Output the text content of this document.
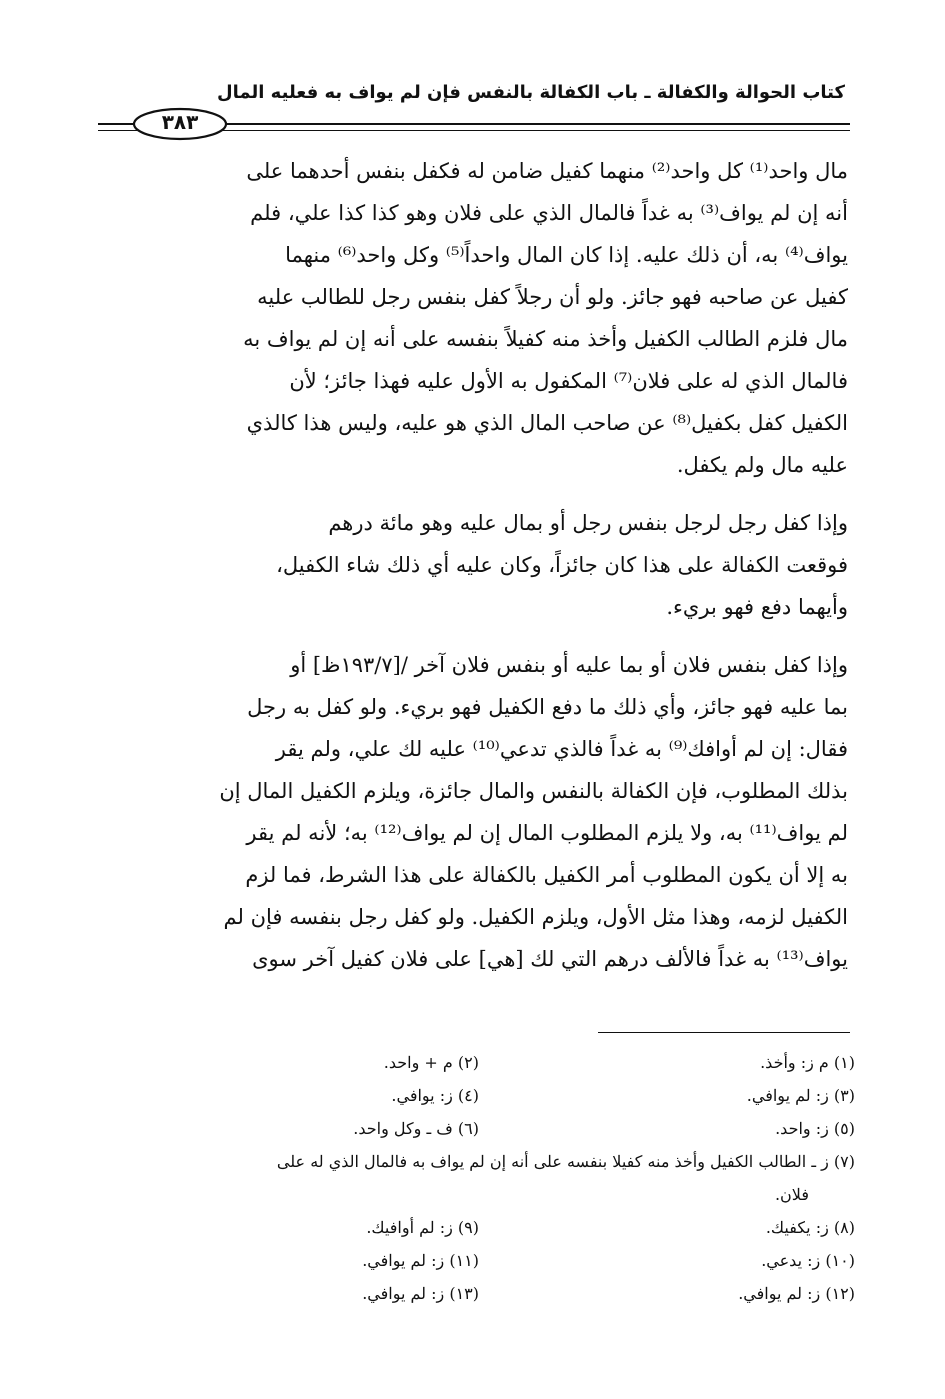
كتاب الحوالة والكفالة ـ باب الكفالة بالنفس فإن لم يواف به فعليه المال
٣٨٣
مال واحد⁽¹⁾ كل واحد⁽²⁾ منهما كفيل ضامن له فكفل بنفس أحدهما على
أنه إن لم يواف⁽³⁾ به غداً فالمال الذي على فلان وهو كذا كذا علي، فلم
يواف⁽⁴⁾ به، أن ذلك عليه. إذا كان المال واحداً⁽⁵⁾ وكل واحد⁽⁶⁾ منهما
كفيل عن صاحبه فهو جائز. ولو أن رجلاً كفل بنفس رجل للطالب عليه
مال فلزم الطالب الكفيل وأخذ منه كفيلاً بنفسه على أنه إن لم يواف به
فالمال الذي له على فلان⁽⁷⁾ المكفول به الأول عليه فهذا جائز؛ لأن
الكفيل كفل بكفيل⁽⁸⁾ عن صاحب المال الذي هو عليه، وليس هذا كالذي
عليه مال ولم يكفل.
وإذا كفل رجل لرجل بنفس رجل أو بمال عليه وهو مائة درهم
فوقعت الكفالة على هذا كان جائزاً، وكان عليه أي ذلك شاء الكفيل،
وأيهما دفع فهو بريء.
وإذا كفل بنفس فلان أو بما عليه أو بنفس فلان آخر /[١٩٣/٧ظ] أو
بما عليه فهو جائز، وأي ذلك ما دفع الكفيل فهو بريء. ولو كفل به رجل
فقال: إن لم أوافك⁽⁹⁾ به غداً فالذي تدعي⁽¹⁰⁾ عليه لك علي، ولم يقر
بذلك المطلوب، فإن الكفالة بالنفس والمال جائزة، ويلزم الكفيل المال إن
لم يواف⁽¹¹⁾ به، ولا يلزم المطلوب المال إن لم يواف⁽¹²⁾ به؛ لأنه لم يقر
به إلا أن يكون المطلوب أمر الكفيل بالكفالة على هذا الشرط، فما لزم
الكفيل لزمه، وهذا مثل الأول، ويلزم الكفيل. ولو كفل رجل بنفسه فإن لم
يواف⁽¹³⁾ به غداً فالألف درهم التي لك [هي] على فلان كفيل آخر سوى
(١) م ز: وأخذ.
(٢) م + واحد.
(٣) ز: لم يوافي.
(٤) ز: يوافي.
(٥) ز: واحد.
(٦) ف ـ وكل واحد.
(٧) ز ـ الطالب الكفيل وأخذ منه كفيلا بنفسه على أنه إن لم يواف به فالمال الذي له على
فلان.
(٨) ز: يكفيك.
(٩) ز: لم أوافيك.
(١٠) ز: يدعي.
(١١) ز: لم يوافي.
(١٢) ز: لم يوافي.
(١٣) ز: لم يوافي.
